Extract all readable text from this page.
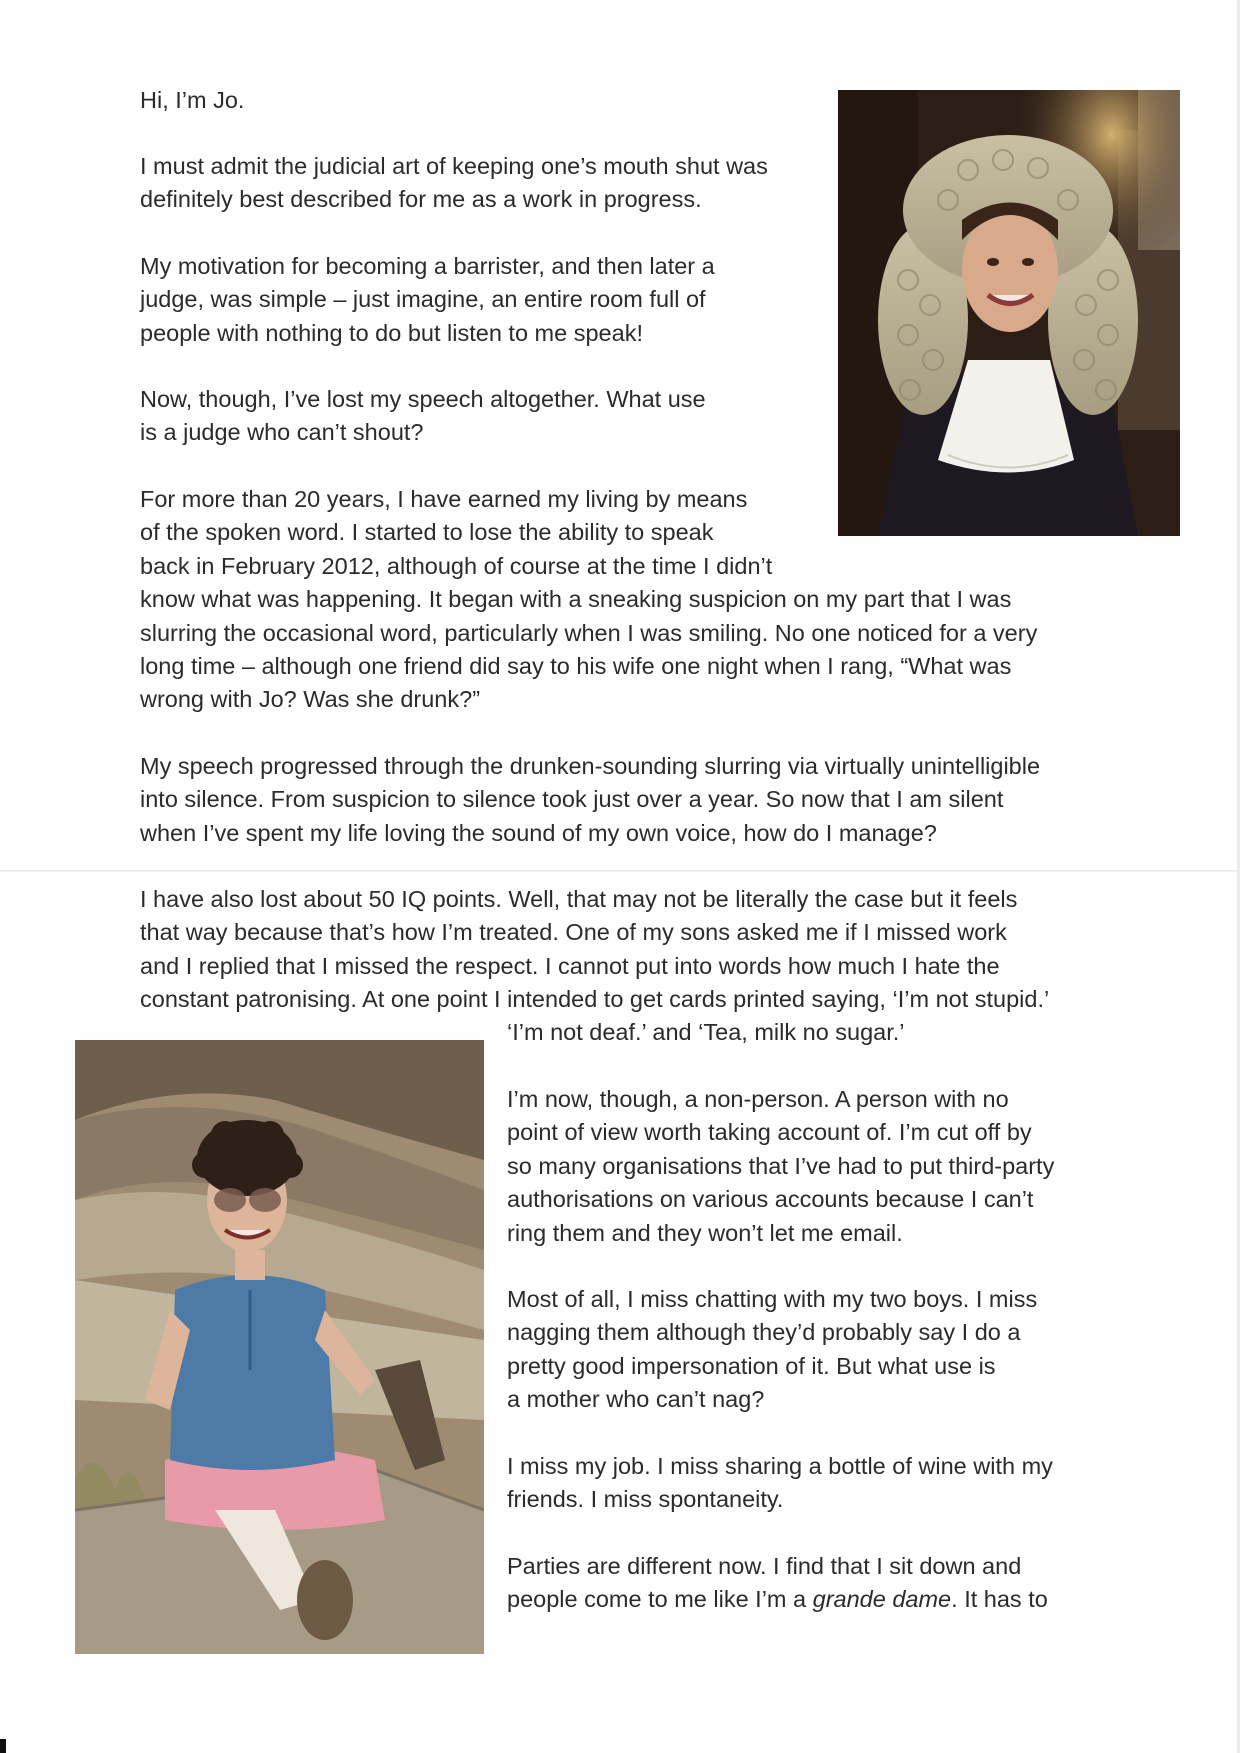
Hi, I’m Jo.

I must admit the judicial art of keeping one’s mouth shut was
definitely best described for me as a work in progress.

My motivation for becoming a barrister, and then later a
judge, was simple – just imagine, an entire room full of
people with nothing to do but listen to me speak!

Now, though, I’ve lost my speech altogether. What use
is a judge who can’t shout?

For more than 20 years, I have earned my living by means
of the spoken word. I started to lose the ability to speak
back in February 2012, although of course at the time I didn’t
know what was happening. It began with a sneaking suspicion on my part that I was
slurring the occasional word, particularly when I was smiling. No one noticed for a very
long time – although one friend did say to his wife one night when I rang, “What was
wrong with Jo? Was she drunk?”

My speech progressed through the drunken-sounding slurring via virtually unintelligible
into silence. From suspicion to silence took just over a year. So now that I am silent
when I’ve spent my life loving the sound of my own voice, how do I manage?

I have also lost about 50 IQ points. Well, that may not be literally the case but it feels
that way because that’s how I’m treated. One of my sons asked me if I missed work
and I replied that I missed the respect. I cannot put into words how much I hate the
constant patronising. At one point I intended to get cards printed saying, ‘I’m not stupid.’

‘I’m not deaf.’ and ‘Tea, milk no sugar.’

I’m now, though, a non-person. A person with no
point of view worth taking account of. I’m cut off by
so many organisations that I’ve had to put third-party
authorisations on various accounts because I can’t
ring them and they won’t let me email.

Most of all, I miss chatting with my two boys. I miss
nagging them although they’d probably say I do a
pretty good impersonation of it. But what use is
a mother who can’t nag?

I miss my job. I miss sharing a bottle of wine with my
friends. I miss spontaneity.

Parties are different now. I find that I sit down and
people come to me like I’m a grande dame. It has to
